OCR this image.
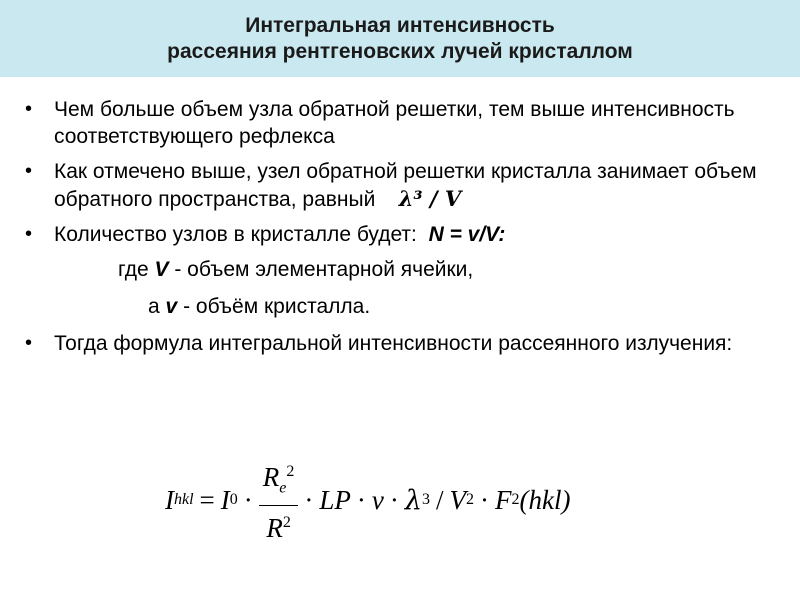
Интегральная интенсивность
рассеяния рентгеновских лучей кристаллом
• Чем больше объем узла обратной решетки, тем выше интенсивность соответствующего рефлекса
• Как отмечено выше, узел обратной решетки кристалла занимает объем обратного пространства, равный λ³ / V
• Количество узлов в кристалле будет: N = v/V:
где V - объем элементарной ячейки,
а v - объём кристалла.
• Тогда формула интегральной интенсивности рассеянного излучения:
I hkl = I $0 \cdot \frac{R_e^2}{R^2}$ · LP · v · λ 3 / V 2 · F 2 (hkl)
